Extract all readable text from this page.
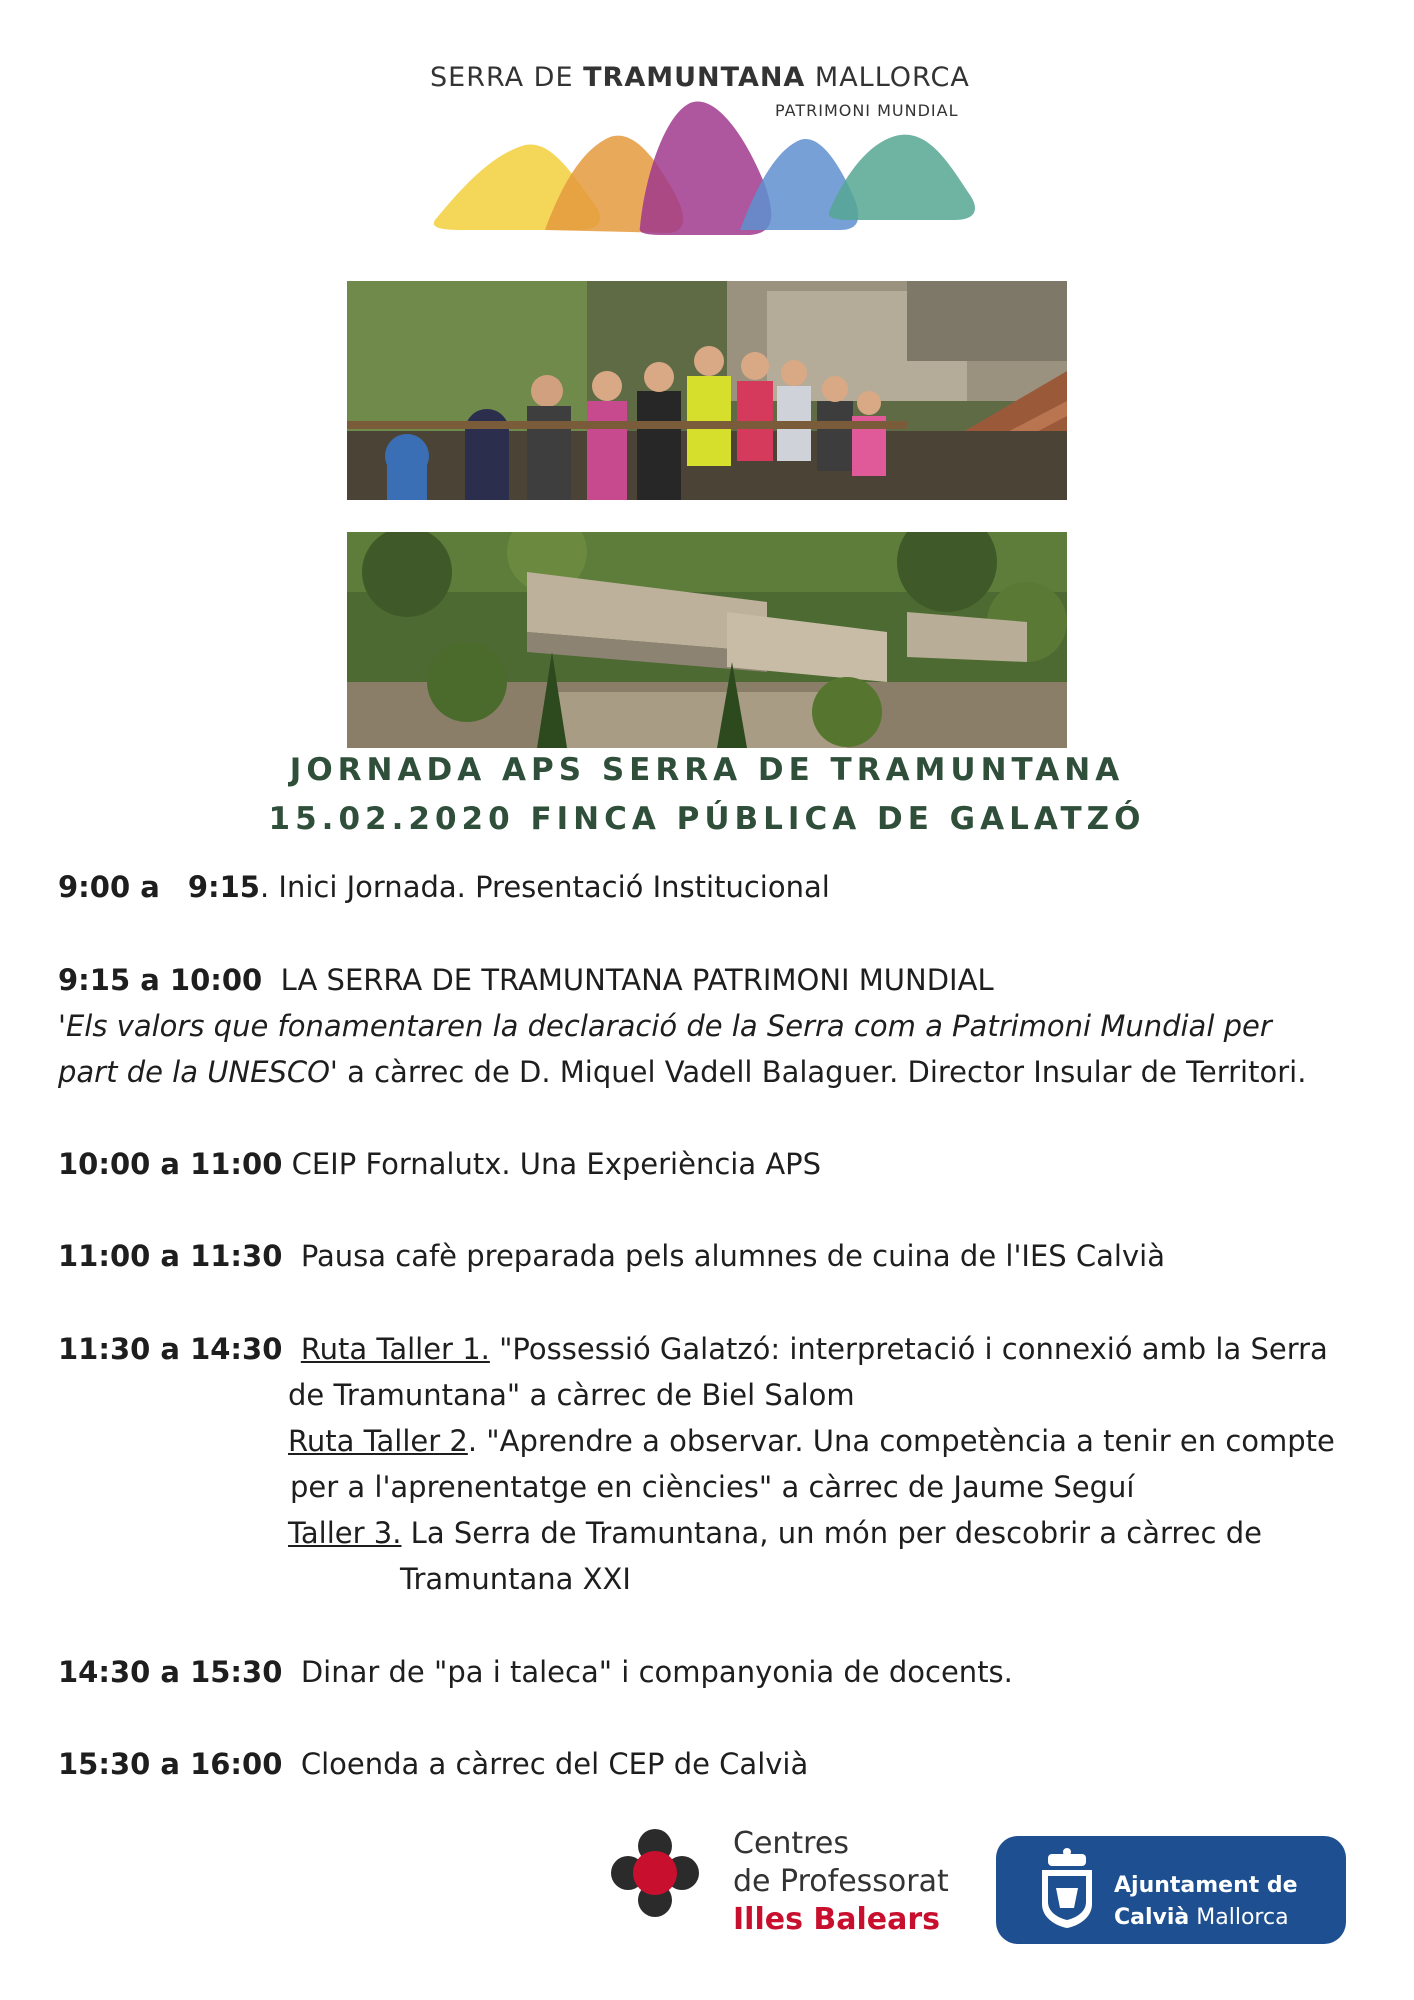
SERRA DE TRAMUNTANA MALLORCA
PATRIMONI MUNDIAL
JORNADA APS SERRA DE TRAMUNTANA
15.02.2020 FINCA PÚBLICA DE GALATZÓ
9:00 a 9:15. Inici Jornada. Presentació Institucional
9:15 a 10:00 LA SERRA DE TRAMUNTANA PATRIMONI MUNDIAL
'Els valors que fonamentaren la declaració de la Serra com a Patrimoni Mundial per
part de la UNESCO' a càrrec de D. Miquel Vadell Balaguer. Director Insular de Territori.
10:00 a 11:00 CEIP Fornalutx. Una Experiència APS
11:00 a 11:30 Pausa cafè preparada pels alumnes de cuina de l'IES Calvià
11:30 a 14:30 Ruta Taller 1. "Possessió Galatzó: interpretació i connexió amb la Serra
de Tramuntana" a càrrec de Biel Salom
Ruta Taller 2. "Aprendre a observar. Una competència a tenir en compte
per a l'aprenentatge en ciències" a càrrec de Jaume Seguí
Taller 3. La Serra de Tramuntana, un món per descobrir a càrrec de
Tramuntana XXI
14:30 a 15:30 Dinar de "pa i taleca" i companyonia de docents.
15:30 a 16:00 Cloenda a càrrec del CEP de Calvià
Centres
de Professorat
Illes Balears
Ajuntament de
Calvià Mallorca
